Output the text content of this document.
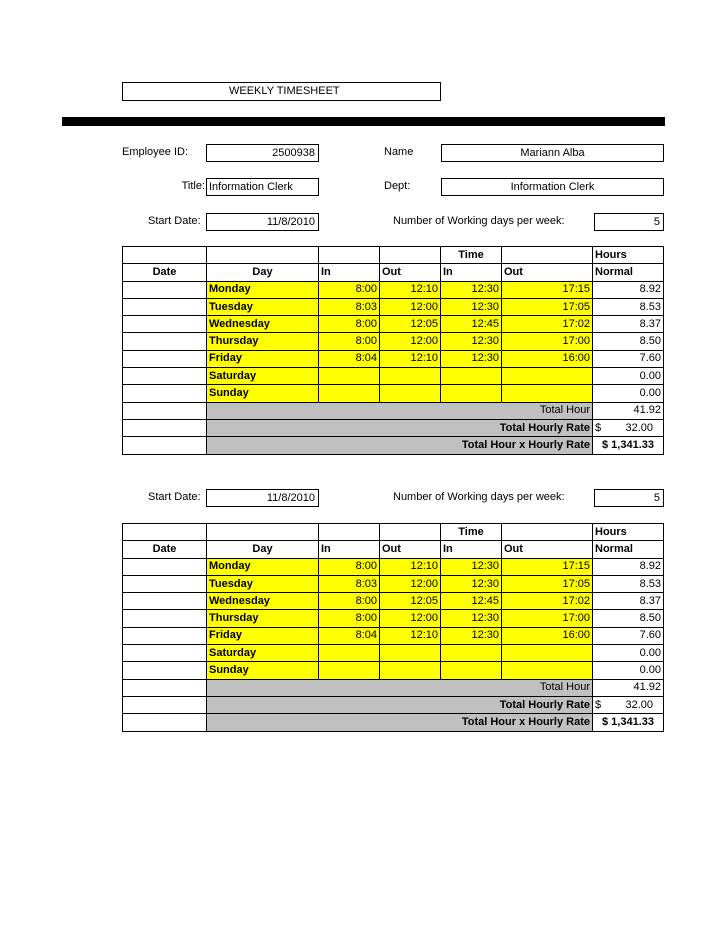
WEEKLY TIMESHEET
Employee ID:	2500938	Name	Mariann Alba
Title: Information Clerk	Dept:	Information Clerk
Start Date:	11/8/2010	Number of Working days per week:	5
				Time		Hours
Date	Day	In	Out	In	Out	Normal
	Monday	8:00	12:10	12:30	17:15	8.92
	Tuesday	8:03	12:00	12:30	17:05	8.53
	Wednesday	8:00	12:05	12:45	17:02	8.37
	Thursday	8:00	12:00	12:30	17:00	8.50
	Friday	8:04	12:10	12:30	16:00	7.60
	Saturday					0.00
	Sunday					0.00
	Total Hour					41.92
	Total Hourly Rate					$ 32.00

	Total Hour x Hourly Rate					$ 1,341.33
Start Date:	11/8/2010	Number of Working days per week:	5
				Time		Hours
Date	Day	In	Out	In	Out	Normal
	Monday	8:00	12:10	12:30	17:15	8.92
	Tuesday	8:03	12:00	12:30	17:05	8.53
	Wednesday	8:00	12:05	12:45	17:02	8.37
	Thursday	8:00	12:00	12:30	17:00	8.50
	Friday	8:04	12:10	12:30	16:00	7.60
	Saturday					0.00
	Sunday					0.00
	Total Hour					41.92
	Total Hourly Rate					$ 32.00

	Total Hour x Hourly Rate					$ 1,341.33
